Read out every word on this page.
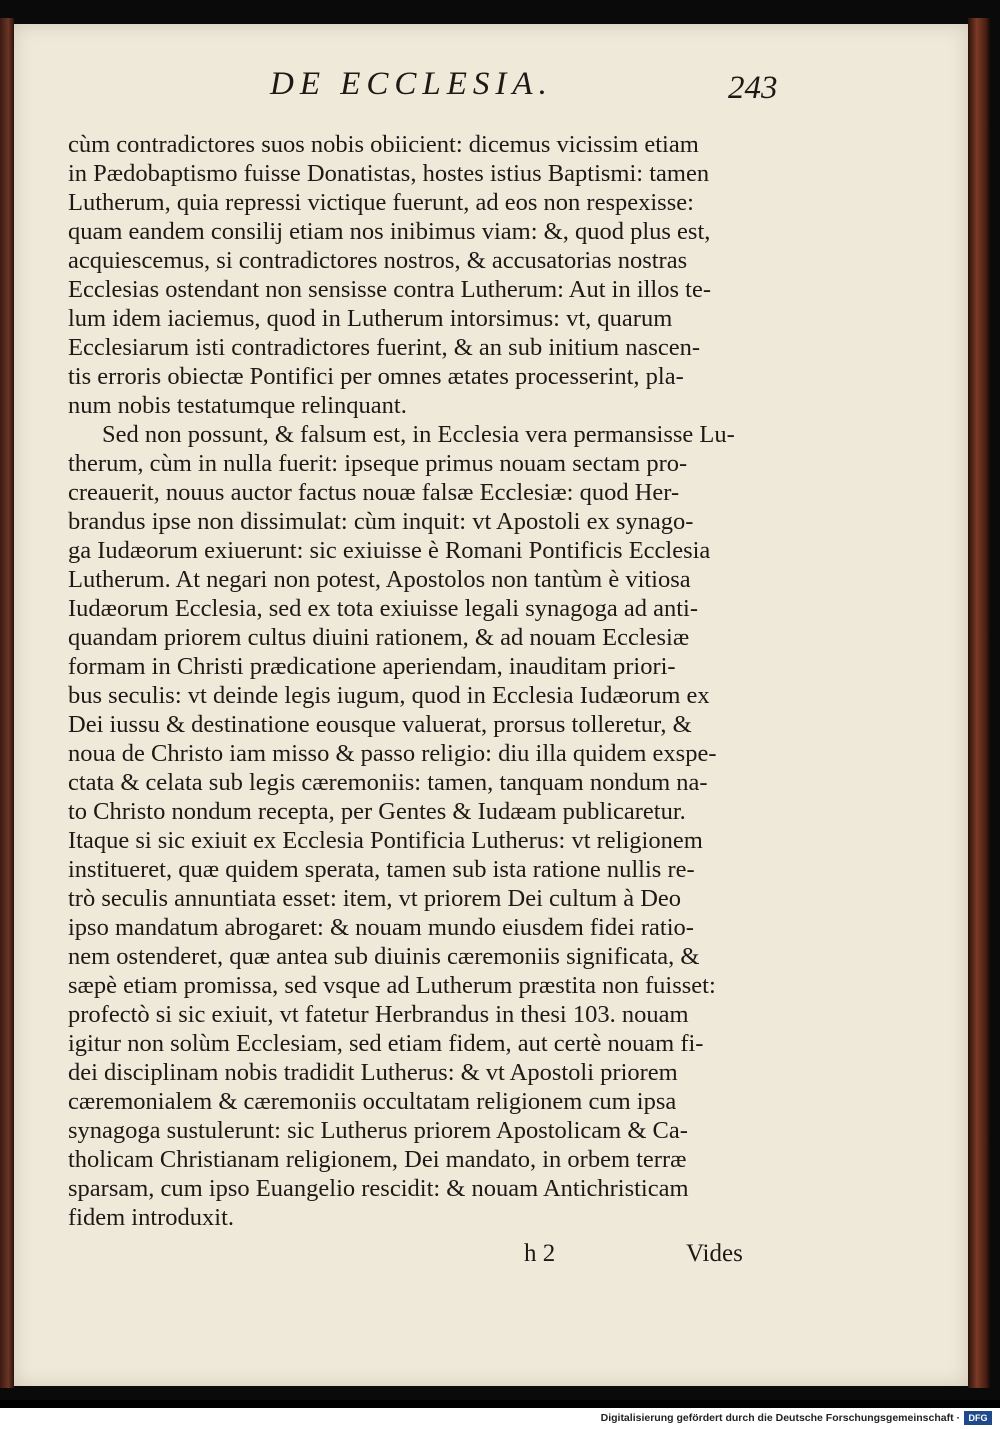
DE ECCLESIA.	243
cùm contradictores suos nobis obiicient: dicemus vicissim etiam
in Pædobaptismo fuisse Donatistas, hostes istius Baptismi: tamen
Lutherum, quia repressi victique fuerunt, ad eos non respexisse:
quam eandem consilij etiam nos inibimus viam: &, quod plus est,
acquiescemus, si contradictores nostros, & accusatorias nostras
Ecclesias ostendant non sensisse contra Lutherum: Aut in illos te-
lum idem iaciemus, quod in Lutherum intorsimus: vt, quarum
Ecclesiarum isti contradictores fuerint, & an sub initium nascen-
tis erroris obiectæ Pontifici per omnes ætates processerint, pla-
num nobis testatumque relinquant.
Sed non possunt, & falsum est, in Ecclesia vera permansisse Lu-
therum, cùm in nulla fuerit: ipseque primus nouam sectam pro-
creauerit, nouus auctor factus nouæ falsæ Ecclesiæ: quod Her-
brandus ipse non dissimulat: cùm inquit: vt Apostoli ex synago-
ga Iudæorum exiuerunt: sic exiuisse è Romani Pontificis Ecclesia
Lutherum. At negari non potest, Apostolos non tantùm è vitiosa
Iudæorum Ecclesia, sed ex tota exiuisse legali synagoga ad anti-
quandam priorem cultus diuini rationem, & ad nouam Ecclesiæ
formam in Christi prædicatione aperiendam, inauditam priori-
bus seculis: vt deinde legis iugum, quod in Ecclesia Iudæorum ex
Dei iussu & destinatione eousque valuerat, prorsus tolleretur, &
noua de Christo iam misso & passo religio: diu illa quidem exspe-
ctata & celata sub legis cæremoniis: tamen, tanquam nondum na-
to Christo nondum recepta, per Gentes & Iudæam publicaretur.
Itaque si sic exiuit ex Ecclesia Pontificia Lutherus: vt religionem
institueret, quæ quidem sperata, tamen sub ista ratione nullis re-
trò seculis annuntiata esset: item, vt priorem Dei cultum à Deo
ipso mandatum abrogaret: & nouam mundo eiusdem fidei ratio-
nem ostenderet, quæ antea sub diuinis cæremoniis significata, &
sæpè etiam promissa, sed vsque ad Lutherum præstita non fuisset:
profectò si sic exiuit, vt fatetur Herbrandus in thesi 103. nouam
igitur non solùm Ecclesiam, sed etiam fidem, aut certè nouam fi-
dei disciplinam nobis tradidit Lutherus: & vt Apostoli priorem
cæremonialem & cæremoniis occultatam religionem cum ipsa
synagoga sustulerunt: sic Lutherus priorem Apostolicam & Ca-
tholicam Christianam religionem, Dei mandato, in orbem terræ
sparsam, cum ipso Euangelio rescidit: & nouam Antichristicam
fidem introduxit.
h 2	Vides
Digitalisierung gefördert durch die Deutsche Forschungsgemeinschaft · DFG
